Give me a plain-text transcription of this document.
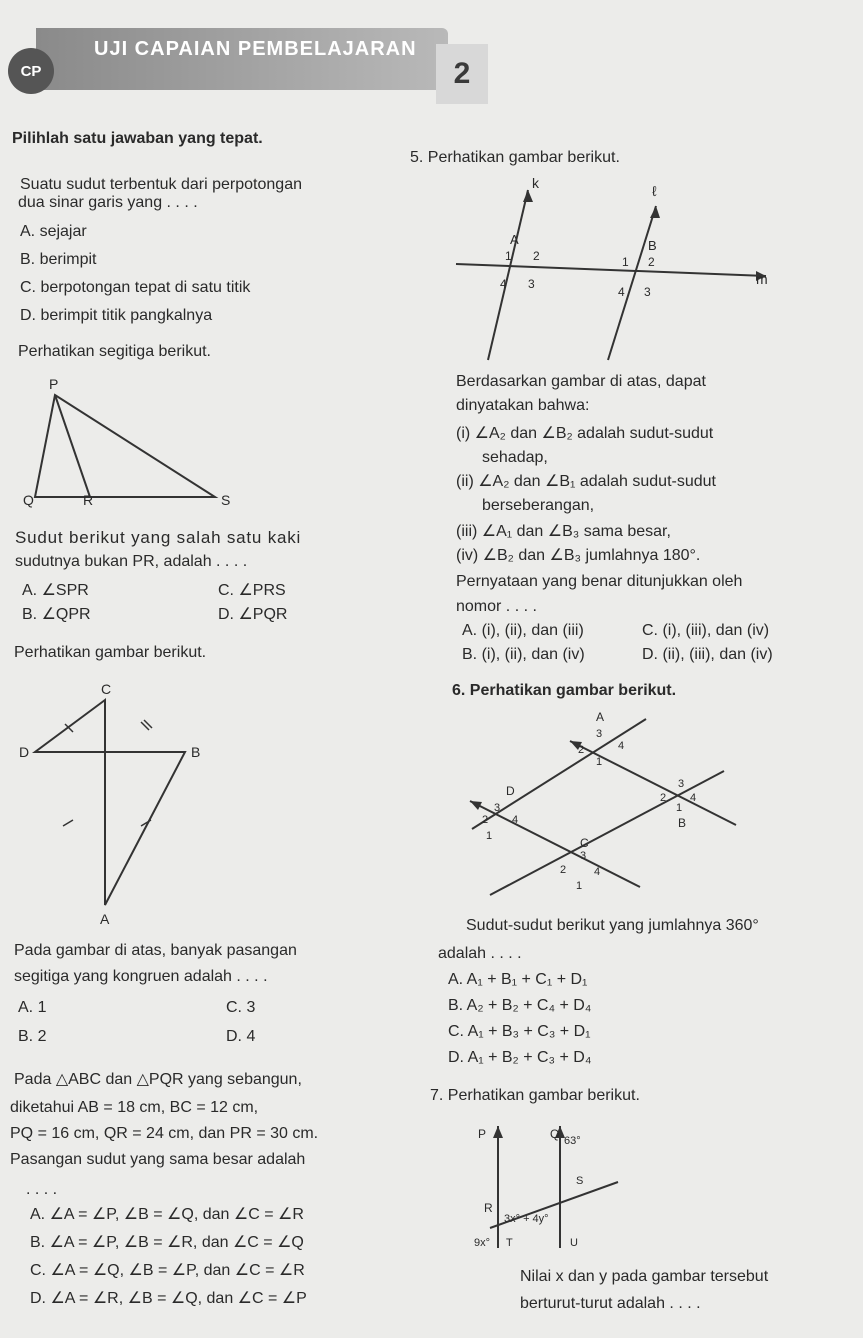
UJI CAPAIAN PEMBELAJARAN
CP	2
Pilihlah satu jawaban yang tepat.
Suatu sudut terbentuk dari perpotongan
dua sinar garis yang . . . .
A. sejajar
B. berimpit
C. berpotongan tepat di satu titik
D. berimpit titik pangkalnya
Perhatikan segitiga berikut.
P
Q	R	S
Sudut berikut yang salah satu kaki
sudutnya bukan PR, adalah . . . .
A. ∠SPR	C. ∠PRS
B. ∠QPR	D. ∠PQR
Perhatikan gambar berikut.
C
D	B
A
Pada gambar di atas, banyak pasangan
segitiga yang kongruen adalah . . . .
A. 1	C. 3
B. 2	D. 4
Pada △ABC dan △PQR yang sebangun,
diketahui AB = 18 cm, BC = 12 cm,
PQ = 16 cm, QR = 24 cm, dan PR = 30 cm.
Pasangan sudut yang sama besar adalah
. . . .
A. ∠A = ∠P, ∠B = ∠Q, dan ∠C = ∠R
B. ∠A = ∠P, ∠B = ∠R, dan ∠C = ∠Q
C. ∠A = ∠Q, ∠B = ∠P, dan ∠C = ∠R
D. ∠A = ∠R, ∠B = ∠Q, dan ∠C = ∠P
5. Perhatikan gambar berikut.
k	ℓ
m
A	B
1 2
4 3
1 2
4 3
Berdasarkan gambar di atas, dapat
dinyatakan bahwa:
(i) ∠A₂ dan ∠B₂ adalah sudut-sudut
sehadap,
(ii) ∠A₂ dan ∠B₁ adalah sudut-sudut
berseberangan,
(iii) ∠A₁ dan ∠B₃ sama besar,
(iv) ∠B₂ dan ∠B₃ jumlahnya 180°.
Pernyataan yang benar ditunjukkan oleh
nomor . . . .
A. (i), (ii), dan (iii)	C. (i), (iii), dan (iv)
B. (i), (ii), dan (iv)	D. (ii), (iii), dan (iv)
6. Perhatikan gambar berikut.
A
3
2	4
1
B
3
2 4
1
D
3
2 4
1	C
3
2	4
1
Sudut-sudut berikut yang jumlahnya 360°
adalah . . . .
A. A₁ + B₁ + C₁ + D₁
B. A₂ + B₂ + C₄ + D₄
C. A₁ + B₃ + C₃ + D₁
D. A₁ + B₂ + C₃ + D₄
7. Perhatikan gambar berikut.
P	Q 63°
S
R
3x° + 4y°
9x° T	U
Nilai x dan y pada gambar tersebut
berturut-turut adalah . . . .
